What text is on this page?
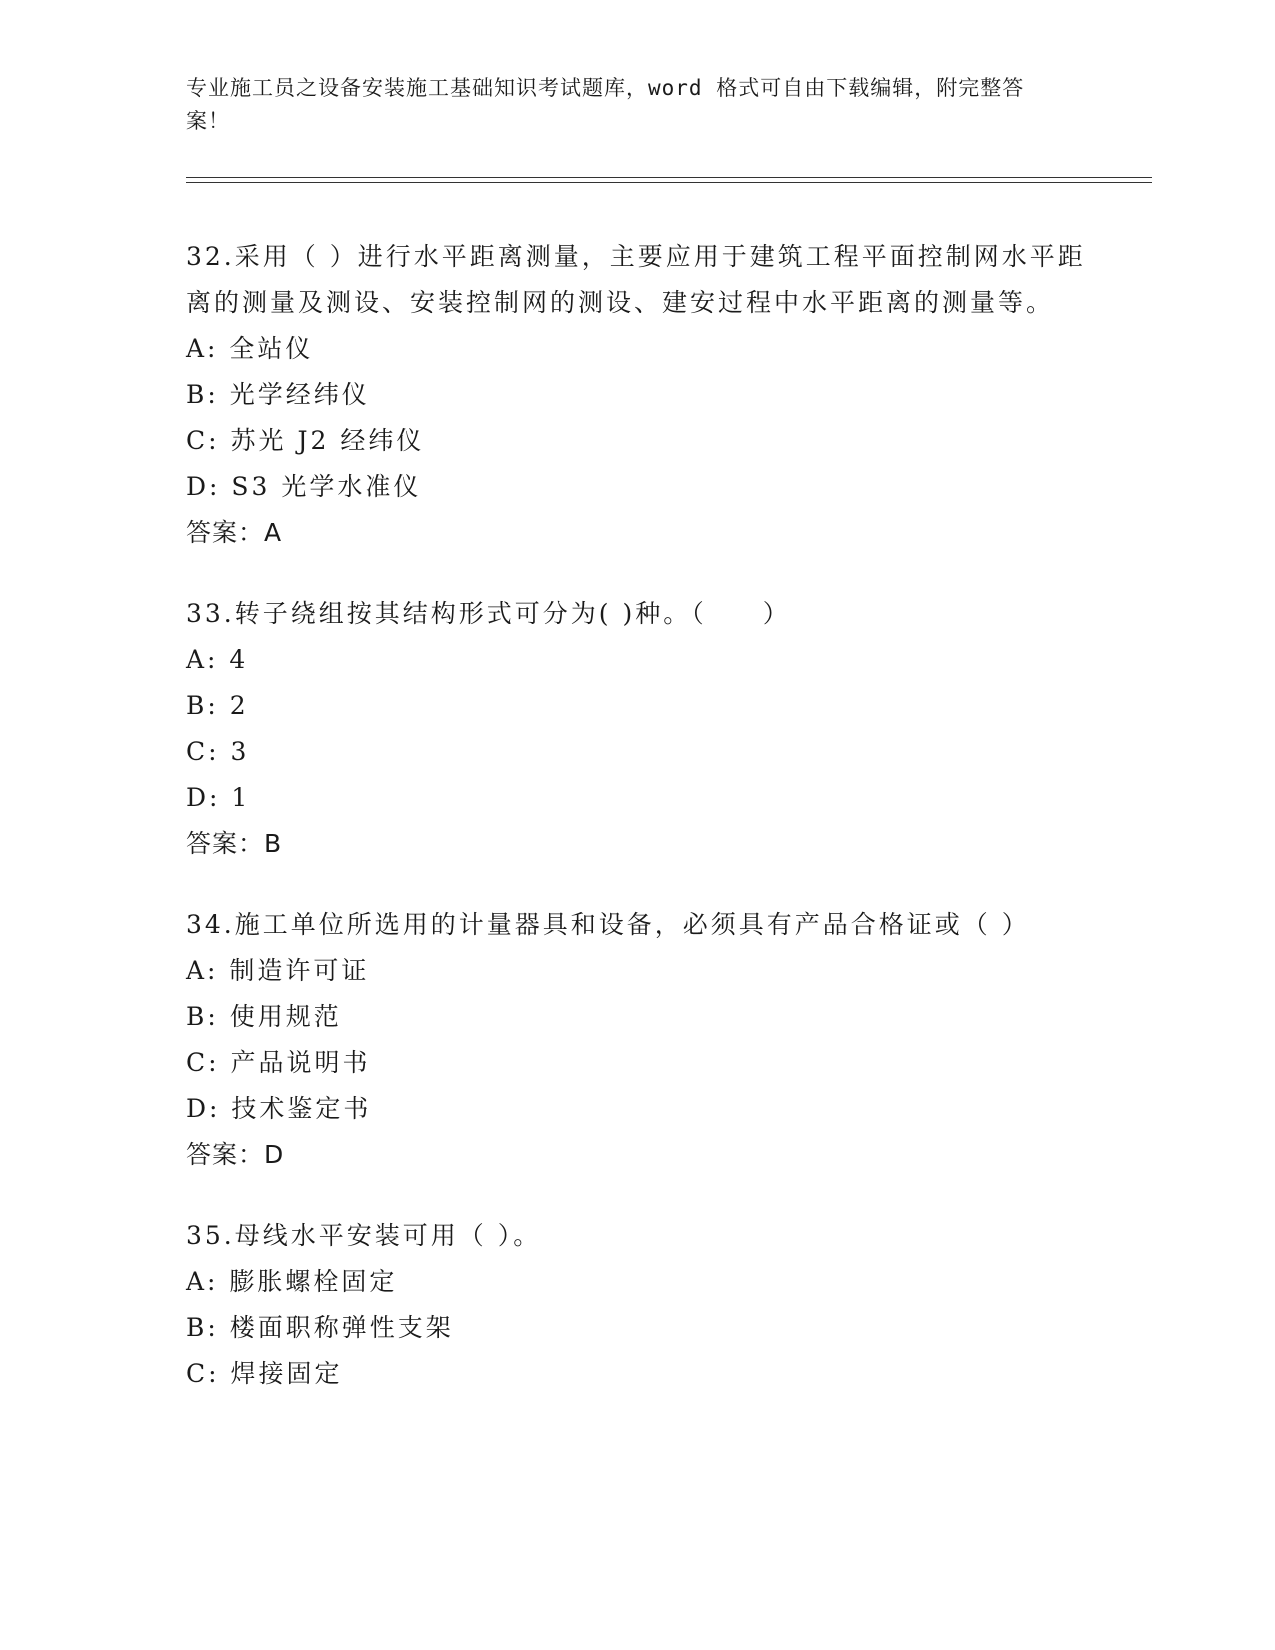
专业施工员之设备安装施工基础知识考试题库，word 格式可自由下载编辑，附完整答案！

32.采用（ ）进行水平距离测量，主要应用于建筑工程平面控制网水平距离的测量及测设、安装控制网的测设、建安过程中水平距离的测量等。

A: 全站仪

B: 光学经纬仪

C: 苏光 J2 经纬仪

D: S3 光学水准仪

答案：A

33.转子绕组按其结构形式可分为( )种。（　　）

A: 4

B: 2

C: 3

D: 1

答案：B

34.施工单位所选用的计量器具和设备，必须具有产品合格证或（ ）

A: 制造许可证

B: 使用规范

C: 产品说明书

D: 技术鉴定书

答案：D

35.母线水平安装可用（ ）。

A: 膨胀螺栓固定

B: 楼面职称弹性支架

C: 焊接固定
